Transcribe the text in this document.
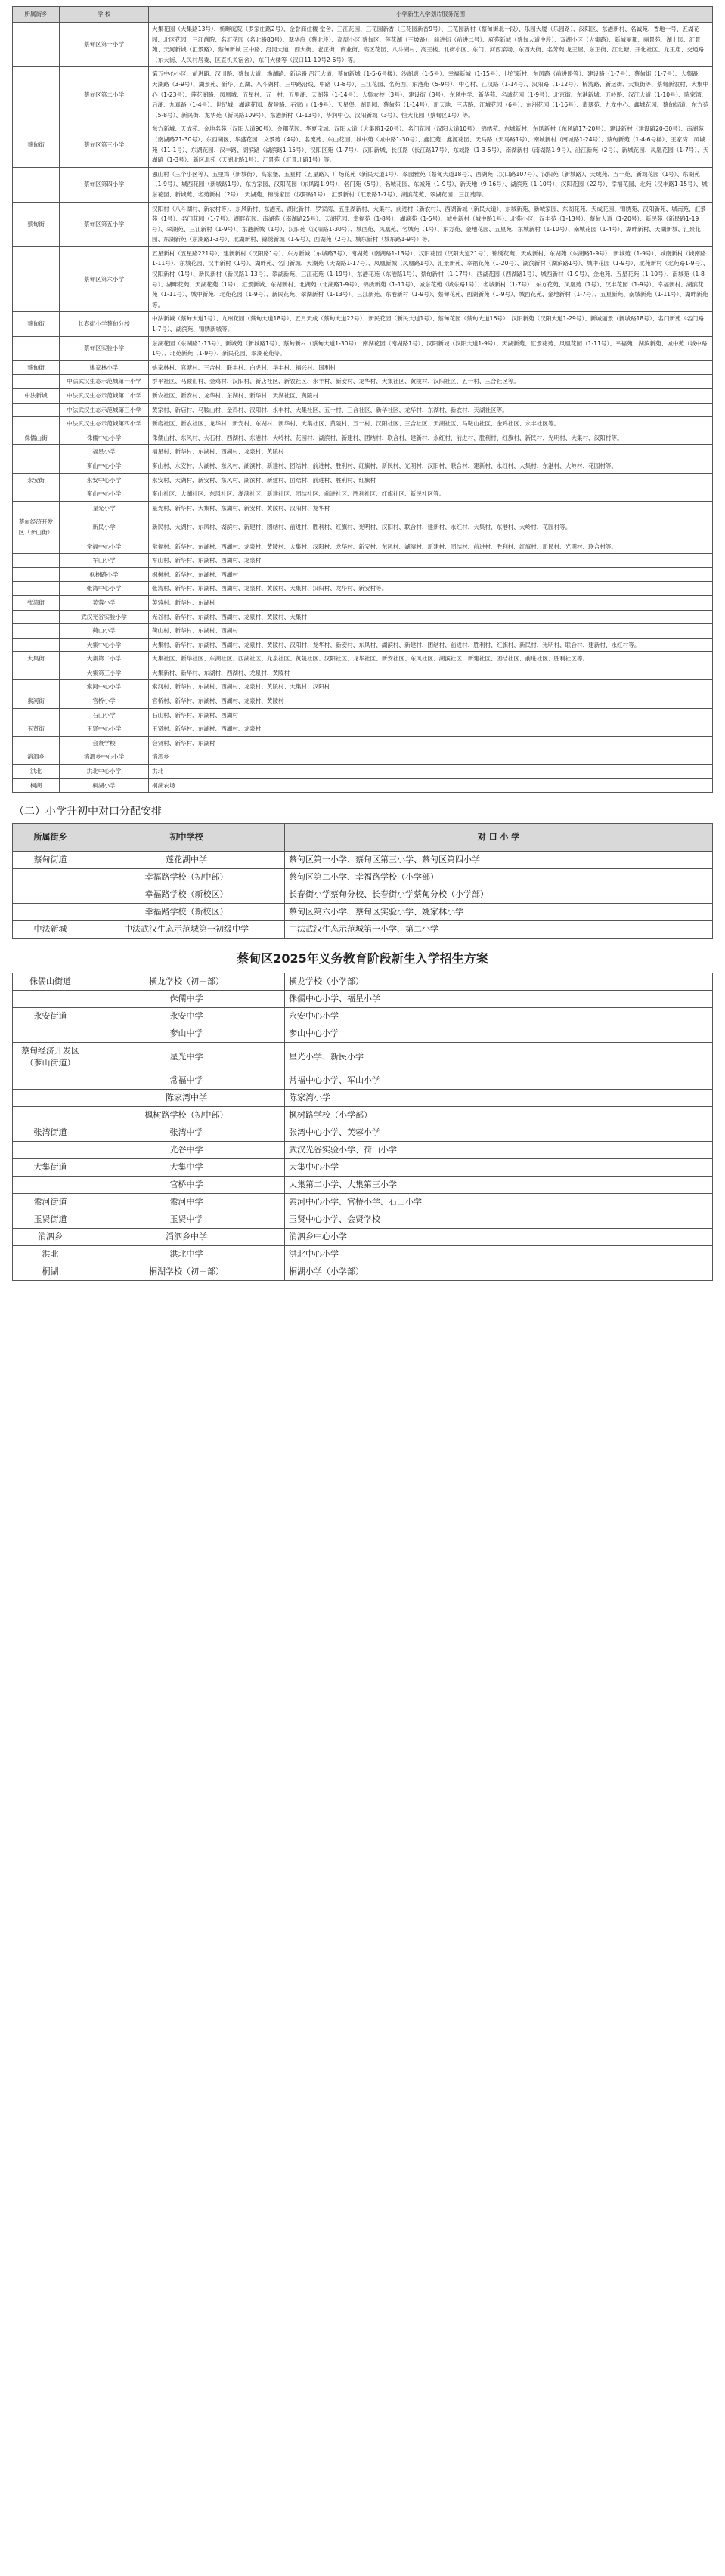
所属街乡	学 校	小学新生入学划片服务范围
	蔡甸区第一小学	大集花园（大集路13号）、桥畔庭院（罗家庄路2号）、金誉商住楼 堂舍、三江花园、三花园新香（三花园新香9号）、三花园新村（蔡甸街北一段）、乐园大厦（乐园路）、汉阳区、东港新村、名诚苑、香地一号、五湖花园、北区花园、三江尚院、名汇花园（名北路80号）、翠华庭（蔡北段）、高屋小区 蔡甸区、莲花湖（王坡路）、前进街（前进二号）、府苑新城（蔡甸大道中段）、双湖小区（大集路）、新城丽都、丽景苑、湖上园、汇景苑、天河新城（汇景路）、蔡甸新城 三中路、沿河大道、西大街、老正街、商业街、高区花园、八斗湖村、高王楼、北街小区、东门、河西菜场、东西大街、名芳苑 龙王屋、东正街、江北塘、开化社区、龙王庙、交通路（东大街、人民村居委、区直机关宿舍）、东门大楼等（汉口11-19号2-6号）等。
	蔡甸区第二小学	第五中心小区、前进路、汉川路、蔡甸大道、渔湖路、新运路 沿江大道、蔡甸新城（1-5-6号楼）、沙湖塘（1-5号）、幸福新城（1-15号）、世纪新村、东风路（前进路等）、建设路（1-7号）、蔡甸街（1-7号）、大集路、天湖路（3-9号）、湖景苑、新华、五湖、八斗湖村、三中路沿线、中路（1-8号）、三江花园、名苑西、东港苑（5-9号）、中心村、江汉路（1-14号）、汉阳路（1-12号）、桥湾路、新运街、大集街等、蔡甸新农村、大集中心（1-23号）、莲花湖路、凤凰城、五星村、五一村、五里湖、天湖苑（1-14号）、大集农校（3号）、建设街（3号）、东风中学、新华苑、名诚花园（1-9号）、北京街、东港新城、五岭路、汉江大道（1-10号）、陈家湾、后湖、九真路（1-4号）、世纪城、湖滨花园、黄陵路、石家山（1-9号）、天星堡、湖景园、蔡甸苑（1-14号）、新天地、三店路、江城花园（6号）、东洲花园（1-16号）、翡翠苑、九龙中心、鑫城花园、蔡甸街道、东方苑（5-8号）、新民街、龙华苑（新民路109号）、东港新村（1-13号）、华润中心、汉阳新城（3号）、恒大花园（蔡甸区1号）等。
蔡甸街	蔡甸区第三小学	东方新城、天成苑、金地名苑（汉阳大道90号）、金都花园、华夏宝城、汉阳大道（大集路1-20号）、名门花园（汉阳大道10号）、锦绣苑、东城新村、东风新村（东风路17-20号）、建设新村（建设路20-30号）、南湖苑（南湖路21-30号）、东西湖区、华盛花园、文景苑（4号）、名流苑、东山花园、城中苑（城中路1-30号）、鑫汇苑、鑫源花园、天马路（天马路1号）、南城新村（南城路1-24号）、蔡甸新苑（1-4-6号楼）、王家湾、凤城苑（11-1号）、东湖花园、汉丰路、湖滨路（湖滨路1-15号）、汉阳区苑（1-7号）、汉阳新城、长江路（长江路17号）、东城路（1-3-5号）、南湖新村（南湖路1-9号）、沿江新苑（2号）、新城花园、凤凰花园（1-7号）、天湖路（1-3号）、新区北苑（天湖北路1号）、汇景苑（汇景北路1号）等。
	蔡甸区第四小学	独山村（三个小区等）、五里湾（新城街）、高家堡、五星村（五星路）、广场花苑（新民大道1号）、翠园雅苑（蔡甸大道18号）、西湖苑（汉口路107号）、汉阳苑（新城路）、天成苑、五一苑、新城花园（1号）、东湖苑（1-9号）、城西花园（新城路1号）、东方家园、汉阳花园（东风路1-9号）、名门苑（5号）、名城花园、东城苑（1-9号）、新天地（9-16号）、湖滨苑（1-10号）、汉阳花园（22号）、幸福花园、北苑（汉丰路1-15号）、城东花园、新城苑、名苑新村（2号）、天湖苑、锦绣家园（汉阳路1号）、汇景新村（汇景路1-7号）、湖滨花苑、翠湖花园、三江苑等。
蔡甸街	蔡甸区第五小学	汉阳村（八斗湖村、新农村等）、东风新村、东港苑、湖北新村、罗家湾、五里湖新村、大集村、前进村（新农村）、西湖新城（新民大道）、东城新苑、新城家园、东湖花苑、天成花园、锦绣苑、汉阳新苑、城南苑、汇景苑（1号）、名门花园（1-7号）、湖畔花园、南湖苑（南湖路25号）、天湖花园、幸福苑（1-8号）、湖滨苑（1-5号）、城中新村（城中路1号）、北苑小区、汉丰苑（1-13号）、蔡甸大道（1-20号）、新民苑（新民路1-19号）、翠湖苑、三江新村（1-9号）、东港新城（1号）、汉阳苑（汉阳路1-30号）、城西苑、凤凰苑、名城苑（1号）、东方苑、金地花园、五星苑、东城新村（1-10号）、南城花园（1-4号）、湖畔新村、天湖新城、汇景花园、东湖新苑（东湖路1-3号）、北湖新村、锦绣新城（1-9号）、西湖苑（2号）、城东新村（城东路1-9号）等。
	蔡甸区第六小学	五星新村（五星路221号）、建新新村（汉阳路1号）、东方新城（东城路3号）、南湖苑（南湖路1-13号）、汉阳花园（汉阳大道21号）、锦绣花苑、天成新村、东湖苑（东湖路1-9号）、新城苑（1-9号）、城南新村（城南路1-11号）、东城花园、汉丰新村（1号）、湖畔苑、名门新城、天湖苑（天湖路1-17号）、凤凰新城（凤凰路1号）、汇景新苑、幸福花苑（1-20号）、湖滨新村（湖滨路1号）、城中花园（1-9号）、北苑新村（北苑路1-9号）、汉阳新村（1号）、新民新村（新民路1-13号）、翠湖新苑、三江花苑（1-19号）、东港花苑（东港路1号）、蔡甸新村（1-17号）、西湖花园（西湖路1号）、城西新村（1-9号）、金地苑、五星花苑（1-10号）、南城苑（1-8号）、湖畔花苑、天湖花苑（1号）、汇景新城、东湖新村、北湖苑（北湖路1-9号）、锦绣新苑（1-11号）、城东花苑（城东路1号）、名城新村（1-7号）、东方花苑、凤凰苑（1号）、汉丰花园（1-9号）、幸福新村、湖滨花苑（1-11号）、城中新苑、北苑花园（1-9号）、新民花苑、翠湖新村（1-13号）、三江新苑、东港新村（1-9号）、蔡甸花苑、西湖新苑（1-9号）、城西花苑、金地新村（1-7号）、五星新苑、南城新苑（1-11号）、湖畔新苑等。
蔡甸街	长春街小学蔡甸分校	中法新城（蔡甸大道1号）、九州花园（蔡甸大道18号）、五月天成（蔡甸大道22号）、新民花园（新民大道1号）、蔡甸花园（蔡甸大道16号）、汉阳新苑（汉阳大道1-29号）、新城丽景（新城路18号）、名门新苑（名门路1-7号）、湖滨苑、锦绣新城等。
	蔡甸区实验小学	东湖花园（东湖路1-13号）、新城苑（新城路1号）、蔡甸新村（蔡甸大道1-30号）、南湖花园（南湖路1号）、汉阳新城（汉阳大道1-9号）、天湖新苑、汇景花苑、凤凰花园（1-11号）、幸福苑、湖滨新苑、城中苑（城中路1号）、北苑新苑（1-9号）、新民花园、翠湖花苑等。
蔡甸街	姚家林小学	姚家林村、官塘村、三合村、联丰村、白虎村、华丰村、福兴村、国利村
	中法武汉生态示范城第一小学	群平社区、马鞍山村、金鸡村、汉阳村、新店社区、新农社区、永丰村、新安村、龙华村、大集社区、黄陵村、汉阳社区、五一村、三合社区等。
中法新城	中法武汉生态示范城第二小学	新农社区、新安村、龙华村、东湖村、新华村、天湖社区、黄陵村
	中法武汉生态示范城第三小学	黄家村、新店村、马鞍山村、金鸡村、汉阳村、永丰村、大集社区、五一村、三合社区、新华社区、龙华村、东湖村、新农村、天湖社区等。
	中法武汉生态示范城第四小学	新店社区、新农社区、龙华村、新安村、东湖村、新华村、大集社区、黄陵村、五一村、汉阳社区、三合社区、天湖社区、马鞍山社区、金鸡社区、永丰社区等。
侏儒山街	侏儒中心小学	侏儒山村、东风村、大石村、西湖村、东港村、大岭村、花园村、湖滨村、新建村、团结村、联合村、建新村、永红村、前进村、胜利村、红旗村、新民村、光明村、大集村、汉阳村等。
	福星小学	福星村、新华村、东湖村、西湖村、龙泉村、黄陵村
	奓山中心小学	奓山村、永安村、大湖村、东风村、湖滨村、新建村、团结村、前进村、胜利村、红旗村、新民村、光明村、汉阳村、联合村、建新村、永红村、大集村、东港村、大岭村、花园村等。
永安街	永安中心小学	永安村、大湖村、新安村、东风村、湖滨村、新建村、团结村、前进村、胜利村、红旗村
	奓山中心小学	奓山社区、大湖社区、东风社区、湖滨社区、新建社区、团结社区、前进社区、胜利社区、红旗社区、新民社区等。
	星光小学	星光村、新华村、大集村、东湖村、新安村、黄陵村、汉阳村、龙华村
蔡甸经济开发区（奓山街）	新民小学	新民村、大湖村、东风村、湖滨村、新建村、团结村、前进村、胜利村、红旗村、光明村、汉阳村、联合村、建新村、永红村、大集村、东港村、大岭村、花园村等。
	常福中心小学	常福村、新华村、东湖村、西湖村、龙泉村、黄陵村、大集村、汉阳村、龙华村、新安村、东风村、湖滨村、新建村、团结村、前进村、胜利村、红旗村、新民村、光明村、联合村等。
	军山小学	军山村、新华村、东湖村、西湖村、龙泉村
	枫树路小学	枫树村、新华村、东湖村、西湖村
	张湾中心小学	张湾村、新华村、东湖村、西湖村、龙泉村、黄陵村、大集村、汉阳村、龙华村、新安村等。
张湾街	芙蓉小学	芙蓉村、新华村、东湖村
	武汉光谷实验小学	光谷村、新华村、东湖村、西湖村、龙泉村、黄陵村、大集村
	荷山小学	荷山村、新华村、东湖村、西湖村
	大集中心小学	大集村、新华村、东湖村、西湖村、龙泉村、黄陵村、汉阳村、龙华村、新安村、东风村、湖滨村、新建村、团结村、前进村、胜利村、红旗村、新民村、光明村、联合村、建新村、永红村等。
大集街	大集第二小学	大集社区、新华社区、东湖社区、西湖社区、龙泉社区、黄陵社区、汉阳社区、龙华社区、新安社区、东风社区、湖滨社区、新建社区、团结社区、前进社区、胜利社区等。
	大集第三小学	大集新村、新华村、东湖村、西湖村、龙泉村、黄陵村
	索河中心小学	索河村、新华村、东湖村、西湖村、龙泉村、黄陵村、大集村、汉阳村
索河街	官桥小学	官桥村、新华村、东湖村、西湖村、龙泉村、黄陵村
	石山小学	石山村、新华村、东湖村、西湖村
玉贤街	玉贤中心小学	玉贤村、新华村、东湖村、西湖村、龙泉村
	会贤学校	会贤村、新华村、东湖村
消泗乡	消泗乡中心小学	消泗乡
洪北	洪北中心小学	洪北
桐湖	桐湖小学	桐湖农场
（二）小学升初中对口分配安排
所属街乡	初中学校	对 口 小 学
蔡甸街道	莲花湖中学	蔡甸区第一小学、蔡甸区第三小学、蔡甸区第四小学
	幸福路学校（初中部）	蔡甸区第二小学、幸福路学校（小学部）
	幸福路学校（新校区）	长春街小学蔡甸分校、长春街小学蔡甸分校（小学部）
	幸福路学校（新校区）	蔡甸区第六小学、蔡甸区实验小学、姚家林小学
中法新城	中法武汉生态示范城第一初级中学	中法武汉生态示范城第一小学、第二小学
蔡甸区2025年义务教育阶段新生入学招生方案
侏儒山街道	横龙学校（初中部）	横龙学校（小学部）
	侏儒中学	侏儒中心小学、福星小学
永安街道	永安中学	永安中心小学
	奓山中学	奓山中心小学
蔡甸经济开发区（奓山街道）	星光中学	星光小学、新民小学
	常福中学	常福中心小学、军山小学
	陈家湾中学	陈家湾小学
	枫树路学校（初中部）	枫树路学校（小学部）
张湾街道	张湾中学	张湾中心小学、芙蓉小学
	光谷中学	武汉光谷实验小学、荷山小学
大集街道	大集中学	大集中心小学
	官桥中学	大集第二小学、大集第三小学
索河街道	索河中学	索河中心小学、官桥小学、石山小学
玉贤街道	玉贤中学	玉贤中心小学、会贤学校
消泗乡	消泗乡中学	消泗乡中心小学
洪北	洪北中学	洪北中心小学
桐湖	桐湖学校（初中部）	桐湖小学（小学部）
